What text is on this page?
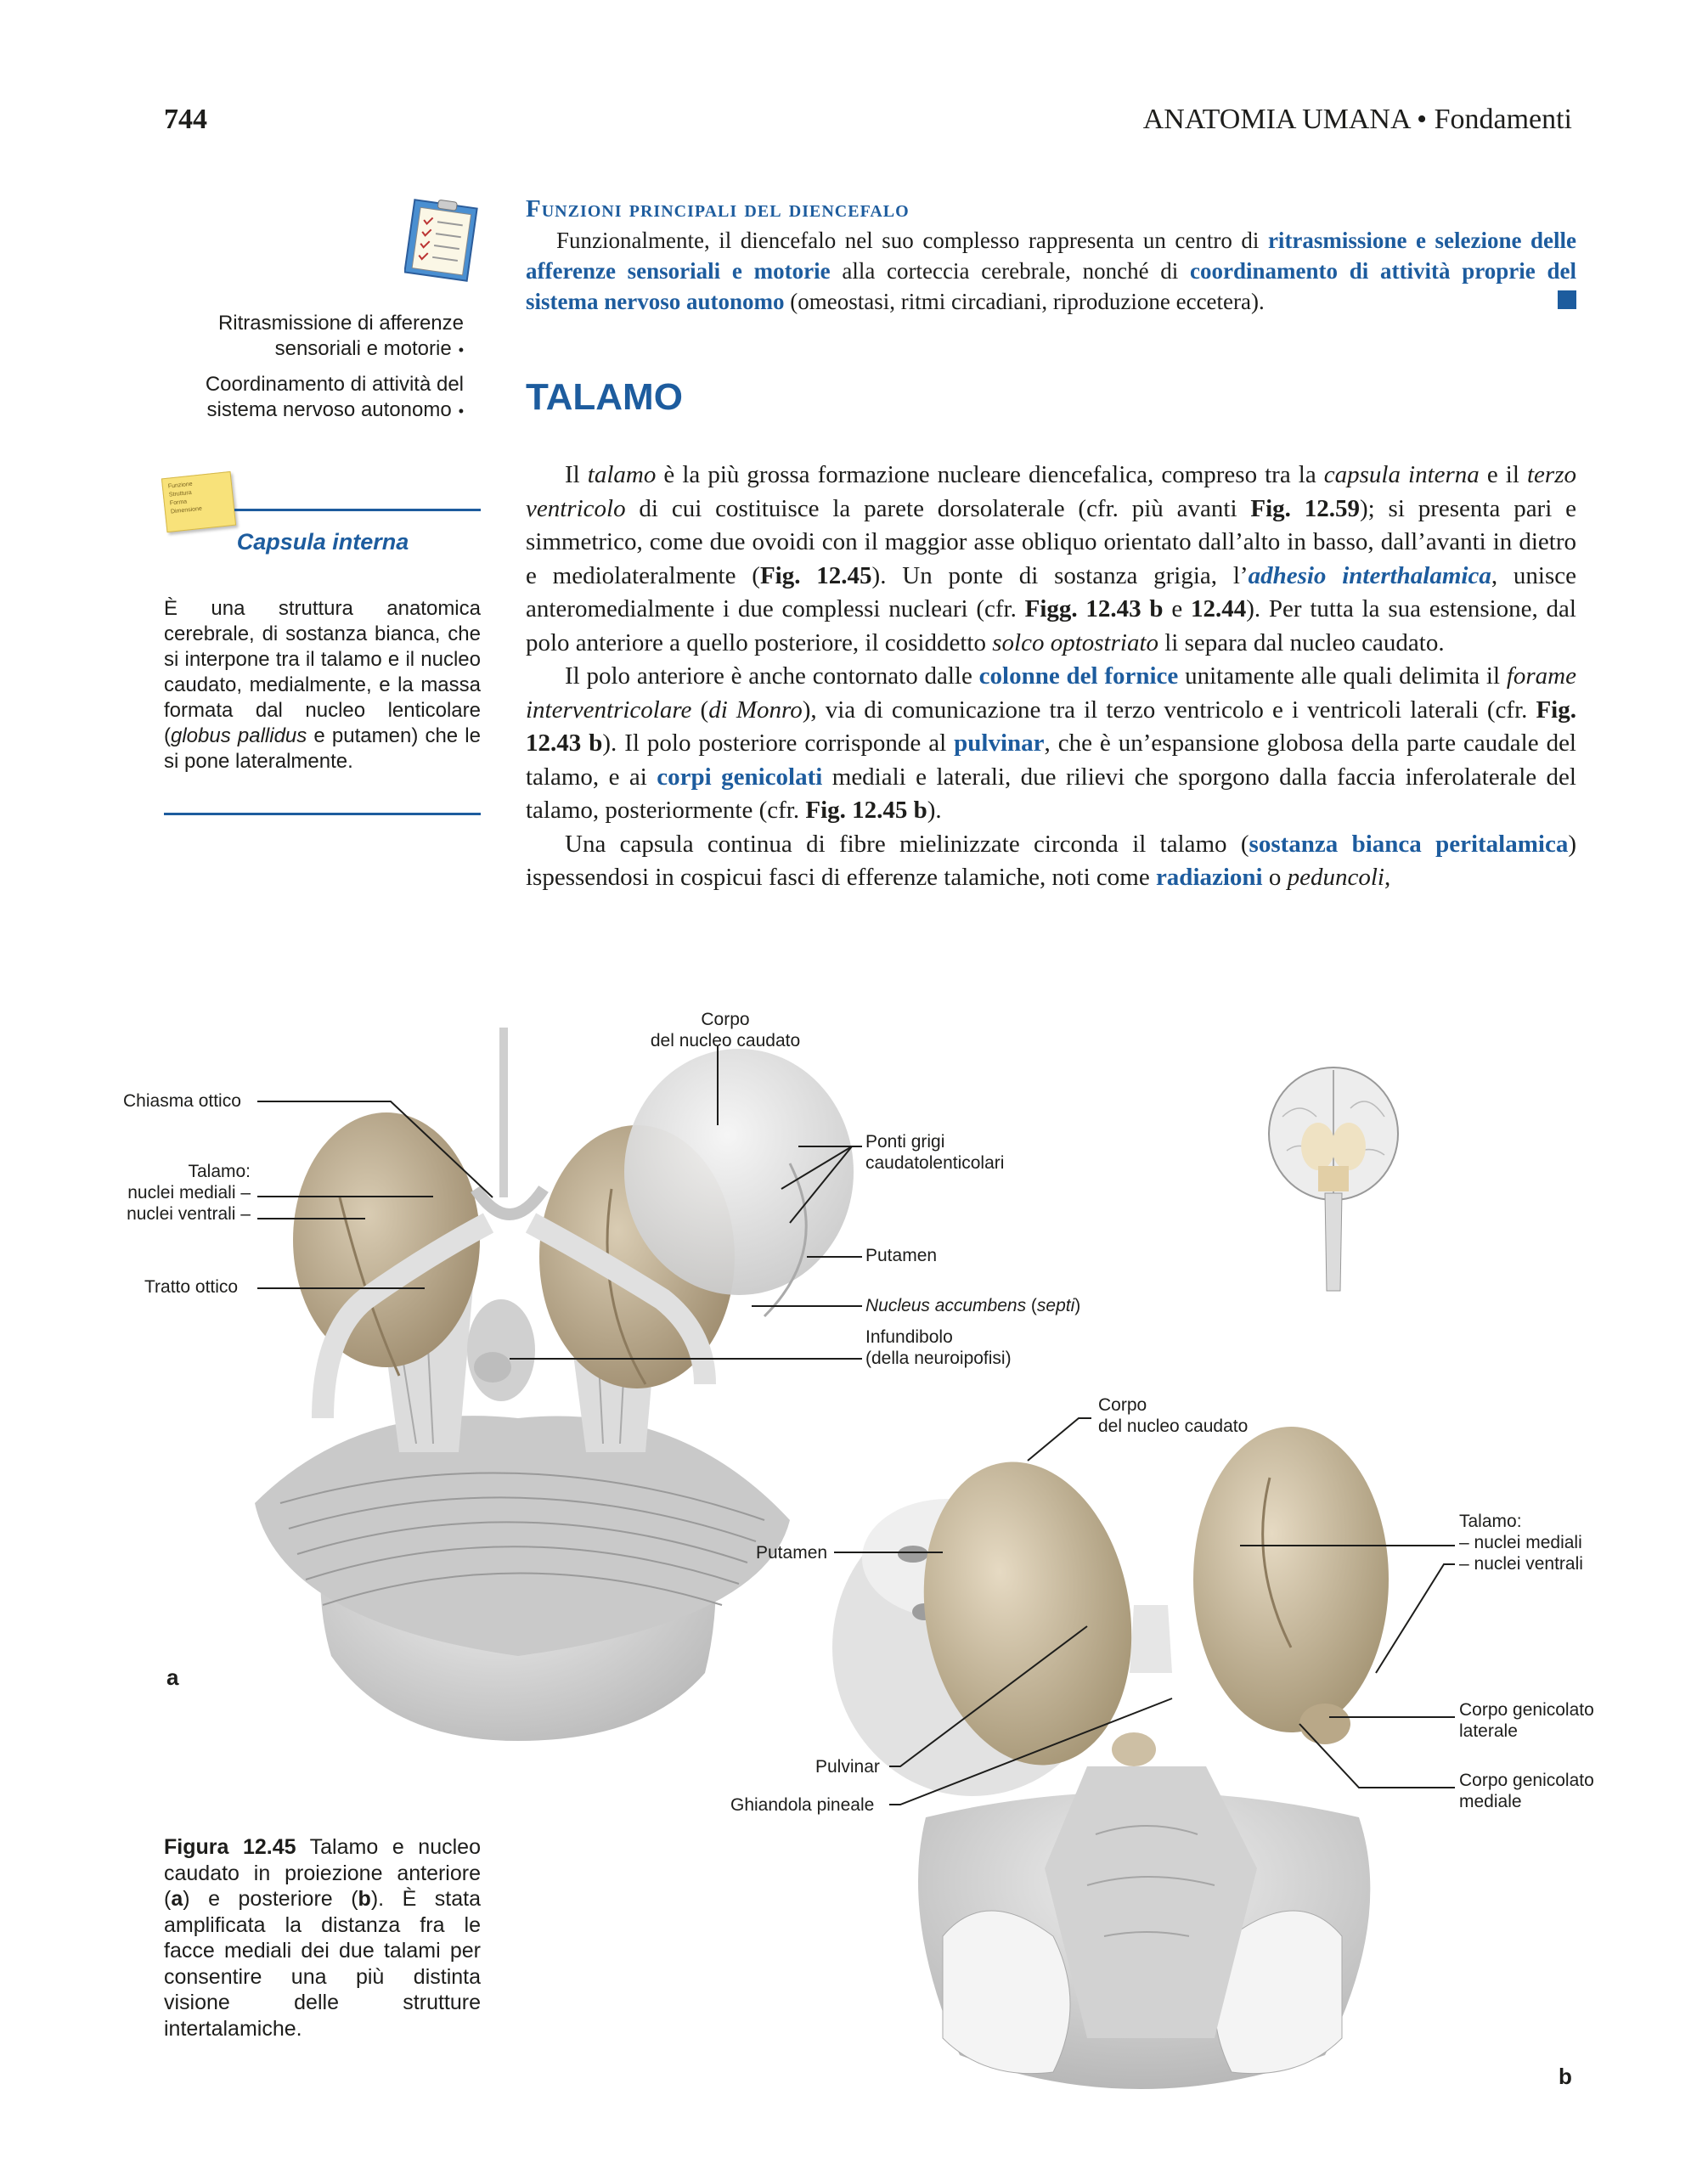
744	ANATOMIA UMANA • Fondamenti
Ritrasmissione di afferenze sensoriali e motorie •
Coordinamento di attività del sistema nervoso autonomo •
Funzione
Struttura
Forma
Dimensione
Capsula interna
È una struttura anatomica cerebrale, di sostanza bianca, che si interpone tra il talamo e il nucleo caudato, medialmente, e la massa formata dal nucleo lenticolare (globus pallidus e putamen) che le si pone lateralmente.
Funzioni principali del diencefalo
Funzionalmente, il diencefalo nel suo complesso rappresenta un centro di ritrasmissione e selezione delle afferenze sensoriali e motorie alla corteccia cerebrale, nonché di coordinamento di attività proprie del sistema nervoso autonomo (omeostasi, ritmi circadiani, riproduzione eccetera).
TALAMO

Il talamo è la più grossa formazione nucleare diencefalica, compreso tra la capsula interna e il terzo ventricolo di cui costituisce la parete dorsolaterale (cfr. più avanti Fig. 12.59); si presenta pari e simmetrico, come due ovoidi con il maggior asse obliquo orientato dall’alto in basso, dall’avanti in dietro e mediolateralmente (Fig. 12.45). Un ponte di sostanza grigia, l’adhesio interthalamica, unisce anteromedialmente i due complessi nucleari (cfr. Figg. 12.43 b e 12.44). Per tutta la sua estensione, dal polo anteriore a quello posteriore, il cosiddetto solco optostriato li separa dal nucleo caudato.

Il polo anteriore è anche contornato dalle colonne del fornice unitamente alle quali delimita il forame interventricolare (di Monro), via di comunicazione tra il terzo ventricolo e i ventricoli laterali (cfr. Fig. 12.43 b). Il polo posteriore corrisponde al pulvinar, che è un’espansione globosa della parte caudale del talamo, e ai corpi genicolati mediali e laterali, due rilievi che sporgono dalla faccia inferolaterale del talamo, posteriormente (cfr. Fig. 12.45 b).

Una capsula continua di fibre mielinizzate circonda il talamo (sostanza bianca peritalamica) ispessendosi in cospicui fasci di efferenze talamiche, noti come radiazioni o peduncoli,

Corpo
del nucleo caudato
Chiasma ottico
Talamo:
nuclei mediali –
nuclei ventrali –
Tratto ottico
Ponti grigi
caudatolenticolari
Putamen
Nucleus accumbens (septi)
Infundibolo
(della neuroipofisi)
a
Corpo
del nucleo caudato
Putamen
Talamo:
– nuclei mediali
– nuclei ventrali
Corpo genicolato
laterale
Corpo genicolato
mediale
Pulvinar
Ghiandola pineale
b
Figura 12.45 Talamo e nucleo caudato in proiezione anteriore (a) e posteriore (b). È stata amplificata la distanza fra le facce mediali dei due talami per consentire una più distinta visione delle strutture intertalamiche.
